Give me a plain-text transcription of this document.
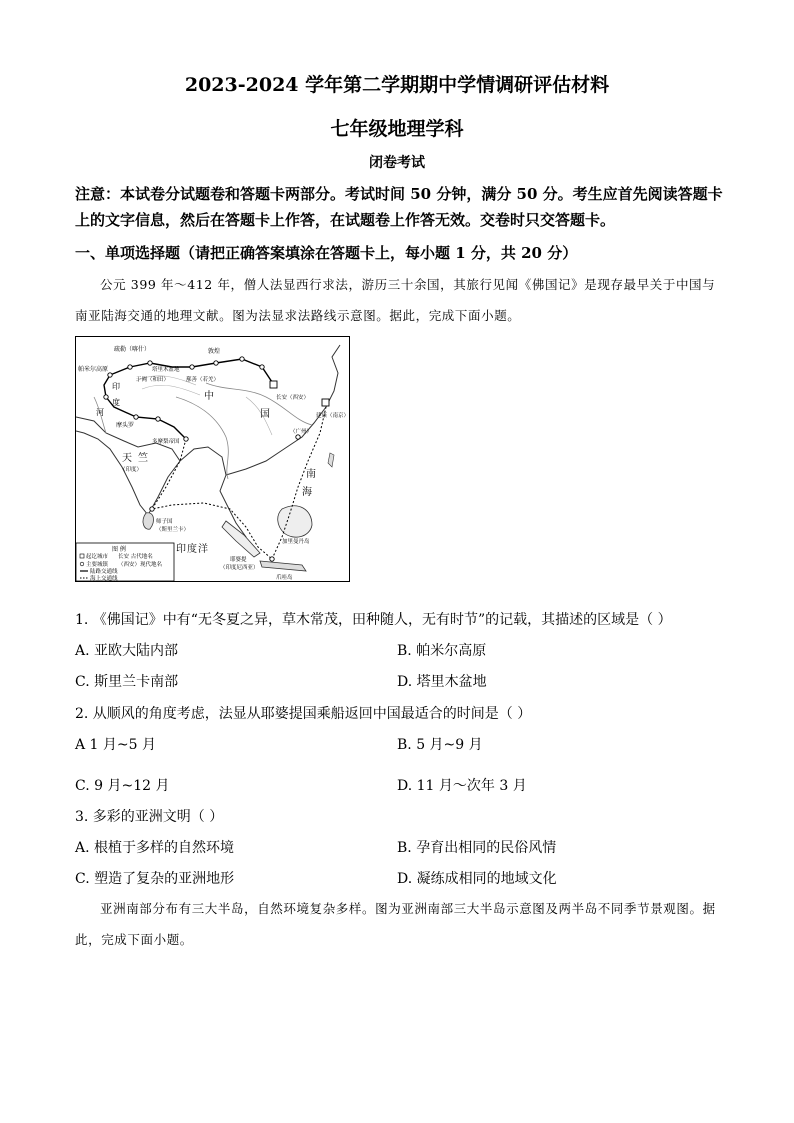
2023-2024 学年第二学期期中学情调研评估材料
七年级地理学科
闭卷考试
注意：本试卷分试题卷和答题卡两部分。考试时间 50 分钟，满分 50 分。考生应首先阅读答题卡上的文字信息，然后在答题卡上作答，在试题卷上作答无效。交卷时只交答题卡。
一、单项选择题（请把正确答案填涂在答题卡上，每小题 1 分，共 20 分）
公元 399 年～412 年，僧人法显西行求法，游历三十余国，其旅行见闻《佛国记》是现存最早关于中国与南亚陆海交通的地理文献。图为法显求法路线示意图。据此，完成下面小题。
帕米尔高原
疏勒（喀什）
塔里木盆地
于阗（和田）	鄯善（若羌）
敦煌
长安（西安）
建康（南京）
（广州）
中
国
印
度
河
摩头罗
多摩梨帝国
天 竺
（印度）
师子国
（斯里兰卡）
南
海
加里曼丹岛
耶婆提
（印度尼西亚）
爪哇岛
图 例
起讫城市
主要城镇
长安 古代地名
（西安）现代地名
陆路交通线
海上交通线
印度洋
1. 《佛国记》中有“无冬夏之异，草木常茂，田种随人，无有时节”的记载，其描述的区域是（ ）
A. 亚欧大陆内部	B. 帕米尔高原
C. 斯里兰卡南部	D. 塔里木盆地
2. 从顺风的角度考虑，法显从耶婆提国乘船返回中国最适合的时间是（ ）
A 1 月~5 月	B. 5 月~9 月
C. 9 月~12 月	D. 11 月～次年 3 月
3. 多彩的亚洲文明（ ）
A. 根植于多样的自然环境	B. 孕育出相同的民俗风情
C. 塑造了复杂的亚洲地形	D. 凝练成相同的地域文化
亚洲南部分布有三大半岛，自然环境复杂多样。图为亚洲南部三大半岛示意图及两半岛不同季节景观图。据此，完成下面小题。
